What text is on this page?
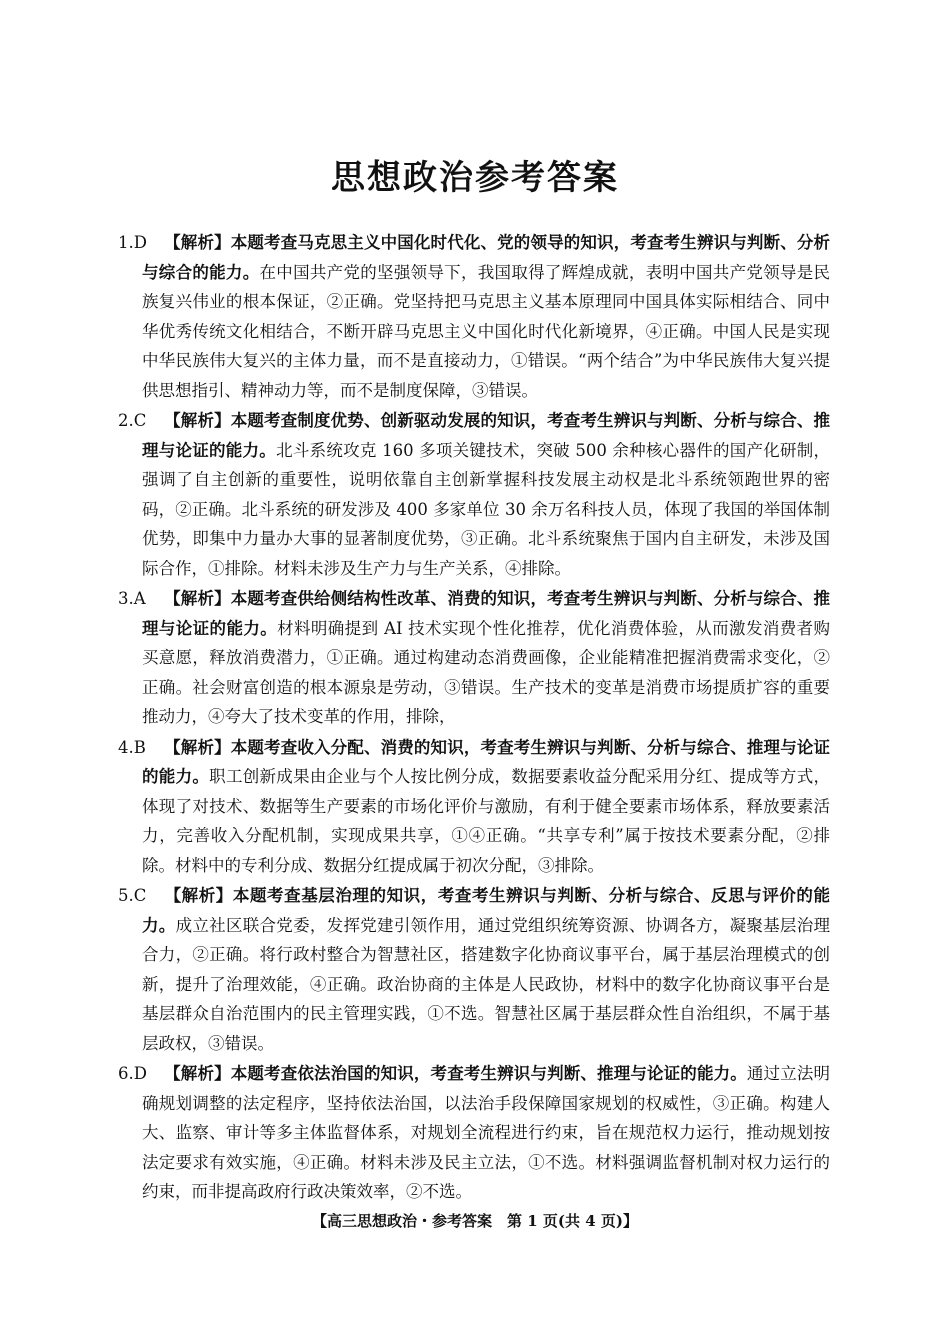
思想政治参考答案
1.D	【解析】本题考查马克思主义中国化时代化、党的领导的知识，考查考生辨识与判断、分析与综合的能力。在中国共产党的坚强领导下，我国取得了辉煌成就，表明中国共产党领导是民族复兴伟业的根本保证，②正确。党坚持把马克思主义基本原理同中国具体实际相结合、同中华优秀传统文化相结合，不断开辟马克思主义中国化时代化新境界，④正确。中国人民是实现中华民族伟大复兴的主体力量，而不是直接动力，①错误。“两个结合”为中华民族伟大复兴提供思想指引、精神动力等，而不是制度保障，③错误。
2.C	【解析】本题考查制度优势、创新驱动发展的知识，考查考生辨识与判断、分析与综合、推理与论证的能力。北斗系统攻克 160 多项关键技术，突破 500 余种核心器件的国产化研制，强调了自主创新的重要性，说明依靠自主创新掌握科技发展主动权是北斗系统领跑世界的密码，②正确。北斗系统的研发涉及 400 多家单位 30 余万名科技人员，体现了我国的举国体制优势，即集中力量办大事的显著制度优势，③正确。北斗系统聚焦于国内自主研发，未涉及国际合作，①排除。材料未涉及生产力与生产关系，④排除。
3.A	【解析】本题考查供给侧结构性改革、消费的知识，考查考生辨识与判断、分析与综合、推理与论证的能力。材料明确提到 AI 技术实现个性化推荐，优化消费体验，从而激发消费者购买意愿，释放消费潜力，①正确。通过构建动态消费画像，企业能精准把握消费需求变化，②正确。社会财富创造的根本源泉是劳动，③错误。生产技术的变革是消费市场提质扩容的重要推动力，④夸大了技术变革的作用，排除，
4.B	【解析】本题考查收入分配、消费的知识，考查考生辨识与判断、分析与综合、推理与论证的能力。职工创新成果由企业与个人按比例分成，数据要素收益分配采用分红、提成等方式，体现了对技术、数据等生产要素的市场化评价与激励，有利于健全要素市场体系，释放要素活力，完善收入分配机制，实现成果共享，①④正确。“共享专利”属于按技术要素分配，②排除。材料中的专利分成、数据分红提成属于初次分配，③排除。
5.C	【解析】本题考查基层治理的知识，考查考生辨识与判断、分析与综合、反思与评价的能力。成立社区联合党委，发挥党建引领作用，通过党组织统筹资源、协调各方，凝聚基层治理合力，②正确。将行政村整合为智慧社区，搭建数字化协商议事平台，属于基层治理模式的创新，提升了治理效能，④正确。政治协商的主体是人民政协，材料中的数字化协商议事平台是基层群众自治范围内的民主管理实践，①不选。智慧社区属于基层群众性自治组织，不属于基层政权，③错误。
6.D	【解析】本题考查依法治国的知识，考查考生辨识与判断、推理与论证的能力。通过立法明确规划调整的法定程序，坚持依法治国，以法治手段保障国家规划的权威性，③正确。构建人大、监察、审计等多主体监督体系，对规划全流程进行约束，旨在规范权力运行，推动规划按法定要求有效实施，④正确。材料未涉及民主立法，①不选。材料强调监督机制对权力运行的约束，而非提高政府行政决策效率，②不选。
【高三思想政治・参考答案　第 1 页(共 4 页)】
